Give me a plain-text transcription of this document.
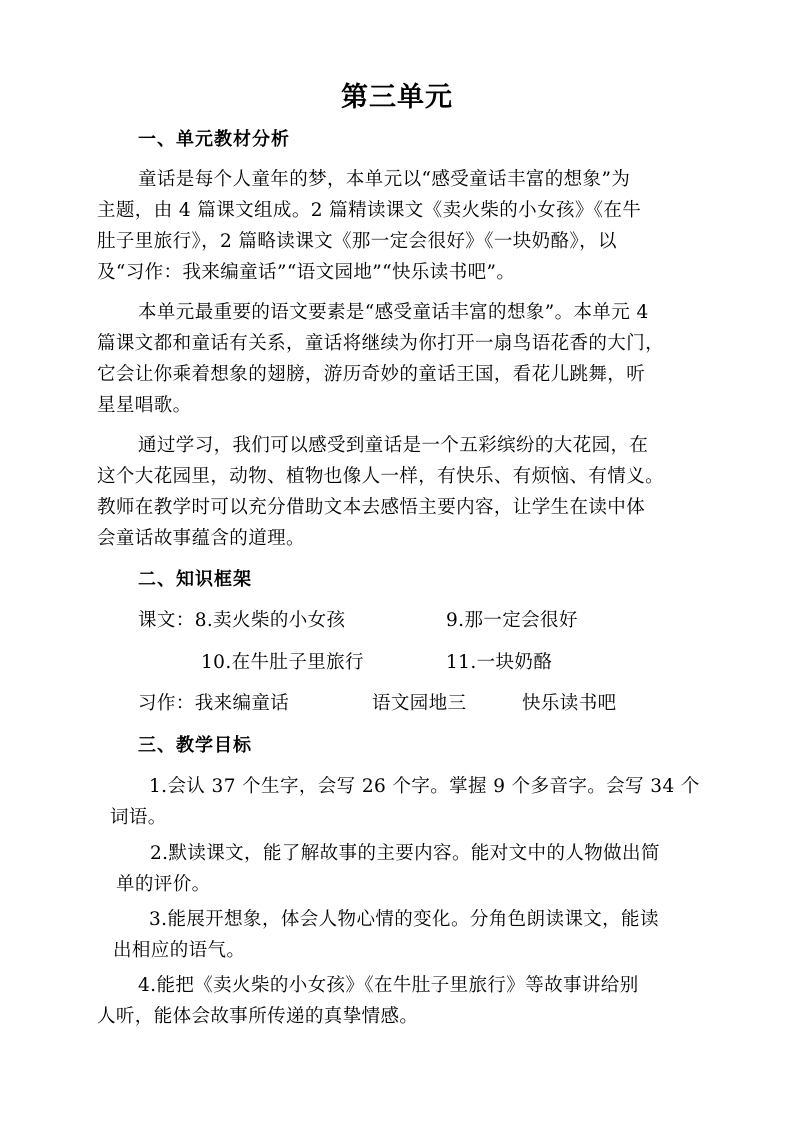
第三单元
一、单元教材分析
童话是每个人童年的梦，本单元以“感受童话丰富的想象”为
主题，由 4 篇课文组成。2 篇精读课文《卖火柴的小女孩》《在牛
肚子里旅行》，2 篇略读课文《那一定会很好》《一块奶酪》，以
及“习作：我来编童话”“语文园地”“快乐读书吧”。
本单元最重要的语文要素是“感受童话丰富的想象”。本单元 4
篇课文都和童话有关系，童话将继续为你打开一扇鸟语花香的大门，
它会让你乘着想象的翅膀，游历奇妙的童话王国，看花儿跳舞，听
星星唱歌。
通过学习，我们可以感受到童话是一个五彩缤纷的大花园，在
这个大花园里，动物、植物也像人一样，有快乐、有烦恼、有情义。
教师在教学时可以充分借助文本去感悟主要内容，让学生在读中体
会童话故事蕴含的道理。
二、知识框架
课文：8.卖火柴的小女孩	9.那一定会很好
10.在牛肚子里旅行	11.一块奶酪
习作：我来编童话	语文园地三	快乐读书吧
三、教学目标
1.会认 37 个生字，会写 26 个字。掌握 9 个多音字。会写 34 个
词语。
2.默读课文，能了解故事的主要内容。能对文中的人物做出简
单的评价。
3.能展开想象，体会人物心情的变化。分角色朗读课文，能读
出相应的语气。
4.能把《卖火柴的小女孩》《在牛肚子里旅行》等故事讲给别
人听，能体会故事所传递的真挚情感。
